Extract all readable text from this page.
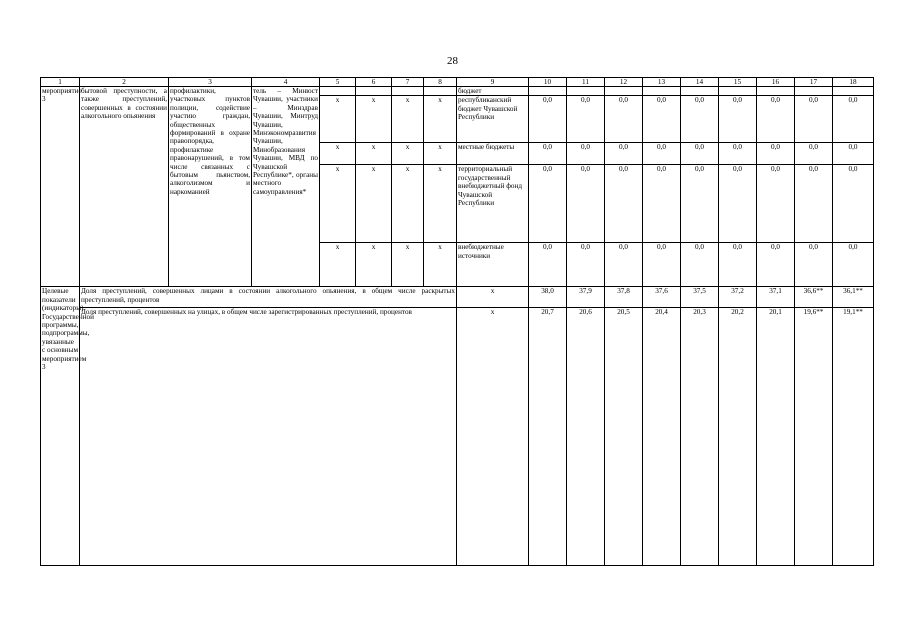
28
1	2	3	4	5	6	7	8	9	10	11	12	13	14	15	16	17	18
мероприятие 3	бытовой преступности, а также преступлений, совершенных в состоянии алкогольного опьянения	профилактики, участковых пунктов полиции, содействие участию граждан, общественных формирований в охране правопорядка, профилактике правонарушений, в том числе связанных с бытовым пьянством, алкоголизмом и наркоманией	тель – Минюст Чувашии, участники – Минздрав Чувашии, Минтруд Чувашии, Минэкономразвития Чувашии, Минобразования Чувашии, МВД по Чувашской Республике*, органы местного самоуправления*					бюджет									
				x	x	x	x	республиканский бюджет Чувашской Республики	0,0	0,0	0,0	0,0	0,0	0,0	0,0	0,0	0,0
				x	x	x	x	местные бюджеты	0,0	0,0	0,0	0,0	0,0	0,0	0,0	0,0	0,0
				x	x	x	x	территориальный государственный внебюджетный фонд Чувашской Республики	0,0	0,0	0,0	0,0	0,0	0,0	0,0	0,0	0,0
				x	x	x	x	внебюджетные источники	0,0	0,0	0,0	0,0	0,0	0,0	0,0	0,0	0,0
Целевые показатели (индикаторы) Государственной программы, подпрограммы, увязанные с основным мероприятием 3	Доля преступлений, совершенных лицами в состоянии алкогольного опьянения, в общем числе раскрытых преступлений, процентов							x	38,0	37,9	37,8	37,6	37,5	37,2	37,1	36,6**	36,1**
	Доля преступлений, совершенных на улицах, в общем числе зарегистрированных преступлений, процентов							x	20,7	20,6	20,5	20,4	20,3	20,2	20,1	19,6**	19,1**
